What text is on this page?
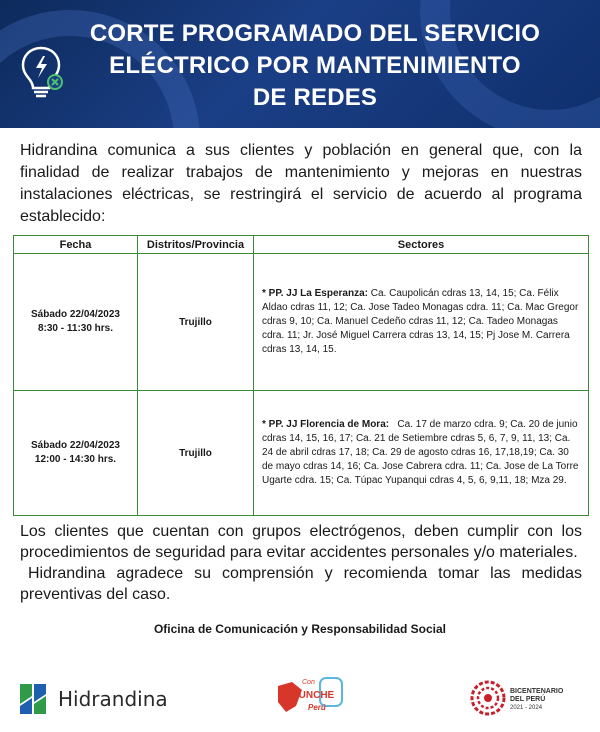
CORTE PROGRAMADO DEL SERVICIO
ELÉCTRICO POR MANTENIMIENTO
DE REDES

Hidrandina comunica a sus clientes y población en general que, con la finalidad de realizar trabajos de mantenimiento y mejoras en nuestras instalaciones eléctricas, se restringirá el servicio de acuerdo al programa establecido:

Fecha	Distritos/Provincia	Sectores

Sábado 22/04/2023
8:30 - 11:30 hrs.	Trujillo	* PP. JJ La Esperanza: Ca. Caupolicán cdras 13, 14, 15; Ca. Félix Aldao cdras 11, 12; Ca. Jose Tadeo Monagas cdra. 11; Ca. Mac Gregor cdras 9, 10; Ca. Manuel Cedeño cdras 11, 12; Ca. Tadeo Monagas cdra. 11; Jr. José Miguel Carrera cdras 13, 14, 15; Pj Jose M. Carrera cdras 13, 14, 15.

Sábado 22/04/2023
12:00 - 14:30 hrs.	Trujillo	* PP. JJ Florencia de Mora:   Ca. 17 de marzo cdra. 9; Ca. 20 de junio cdras 14, 15, 16, 17; Ca. 21 de Setiembre cdras 5, 6, 7, 9, 11, 13; Ca. 24 de abril cdras 17, 18; Ca. 29 de agosto cdras 16, 17,18,19; Ca. 30 de mayo cdras 14, 16; Ca. Jose Cabrera cdra. 11; Ca. Jose de La Torre Ugarte cdra. 15; Ca. Túpac Yupanqui cdras 4, 5, 6, 9,11, 18; Mza 29.

Los clientes que cuentan con grupos electrógenos, deben cumplir con los procedimientos de seguridad para evitar accidentes personales y/o materiales.

Hidrandina agradece su comprensión y recomienda tomar las medidas preventivas del caso.

Oficina de Comunicación y Responsabilidad Social
Hidrandina
Con
PUNCHE
Perú
BICENTENARIO
DEL PERÚ
2021 - 2024
